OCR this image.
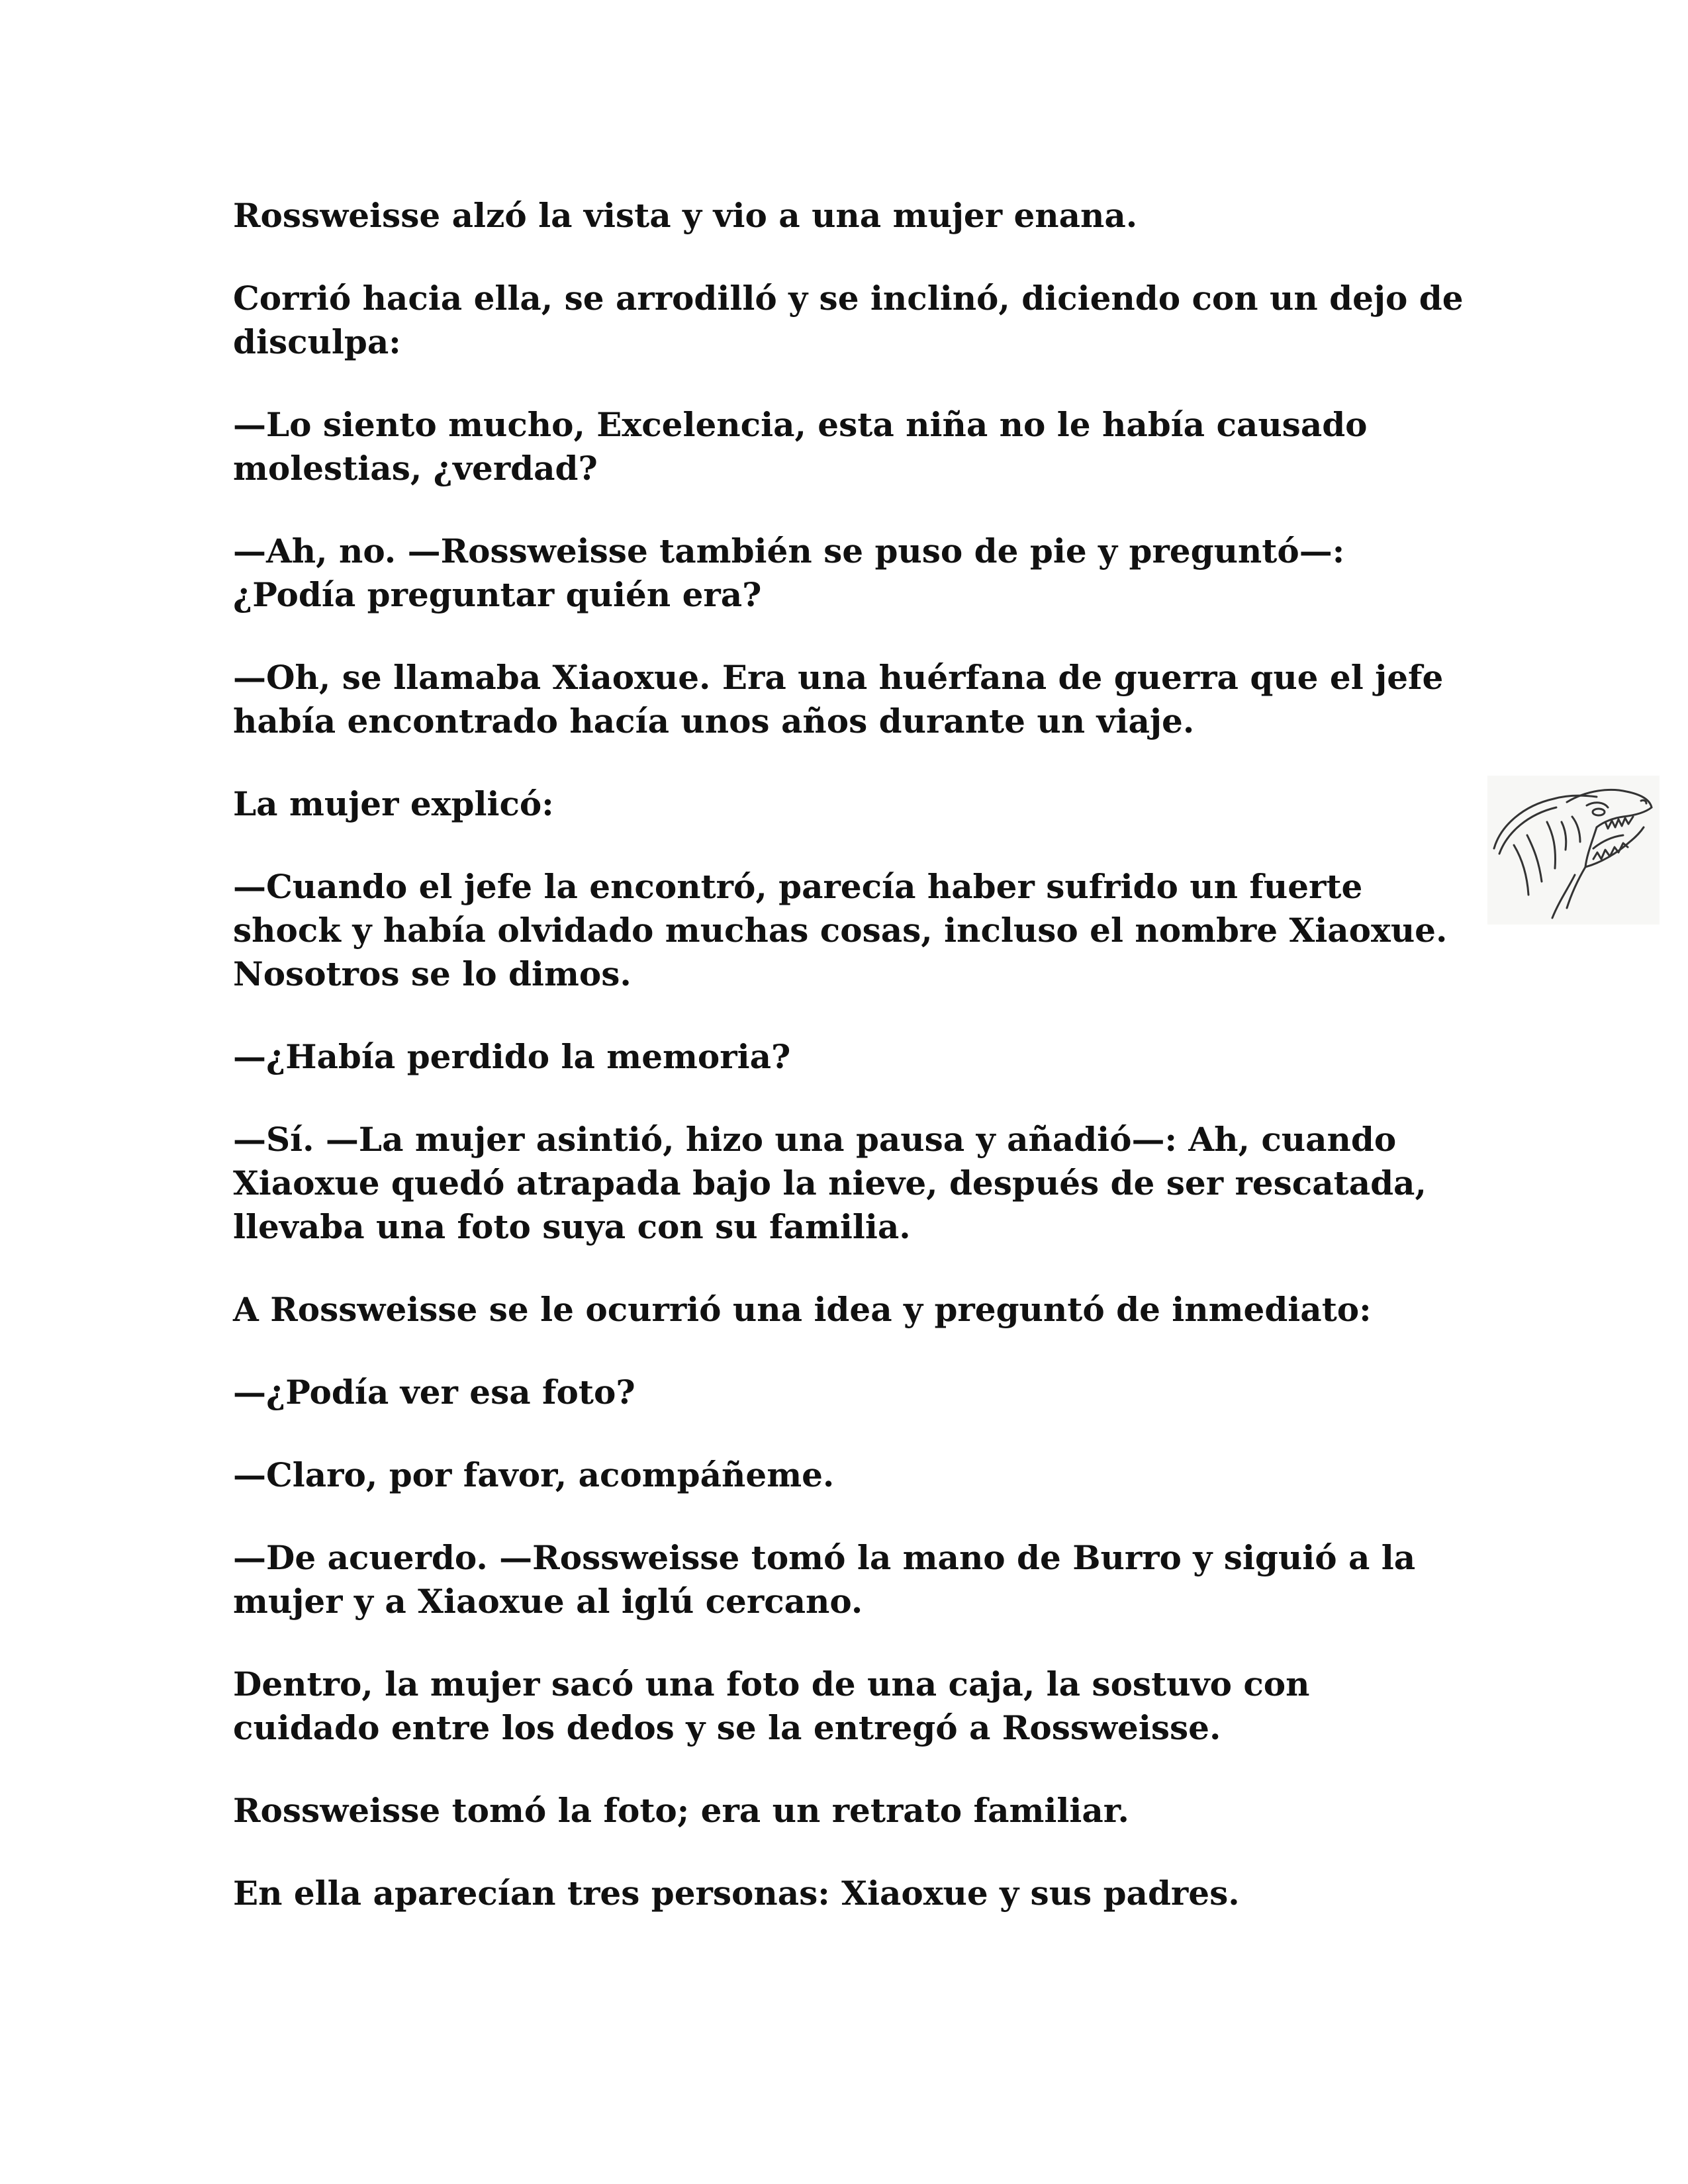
Rossweisse alzó la vista y vio a una mujer enana.

Corrió hacia ella, se arrodilló y se inclinó, diciendo con un dejo de disculpa:

—Lo siento mucho, Excelencia, esta niña no le había causado molestias, ¿verdad?

—Ah, no. —Rossweisse también se puso de pie y preguntó—: ¿Podía preguntar quién era?

—Oh, se llamaba Xiaoxue. Era una huérfana de guerra que el jefe había encontrado hacía unos años durante un viaje.

La mujer explicó:

—Cuando el jefe la encontró, parecía haber sufrido un fuerte shock y había olvidado muchas cosas, incluso el nombre Xiaoxue. Nosotros se lo dimos.

—¿Había perdido la memoria?

—Sí. —La mujer asintió, hizo una pausa y añadió—: Ah, cuando Xiaoxue quedó atrapada bajo la nieve, después de ser rescatada, llevaba una foto suya con su familia.

A Rossweisse se le ocurrió una idea y preguntó de inmediato:

—¿Podía ver esa foto?

—Claro, por favor, acompáñeme.

—De acuerdo. —Rossweisse tomó la mano de Burro y siguió a la mujer y a Xiaoxue al iglú cercano.

Dentro, la mujer sacó una foto de una caja, la sostuvo con cuidado entre los dedos y se la entregó a Rossweisse.

Rossweisse tomó la foto; era un retrato familiar.

En ella aparecían tres personas: Xiaoxue y sus padres.
